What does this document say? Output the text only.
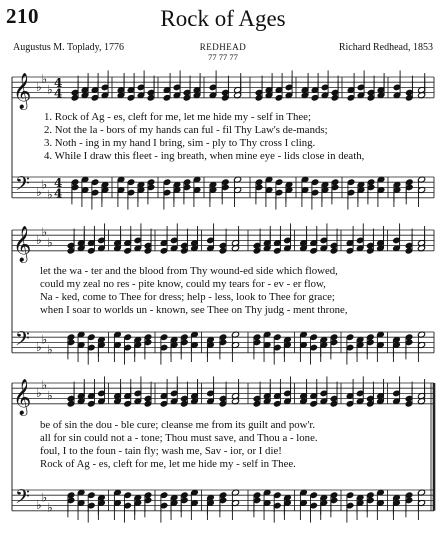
210	Rock of Ages
Augustus M. Toplady, 1776	REDHEAD
77 77 77
Richard Redhead, 1853
𝄞
𝄢
♭
♭
♭
♭
♭
♭
4
4
4
4
𝄞
𝄢
♭
♭
♭
♭
♭
♭
𝄞
𝄢
♭
♭
♭
♭
♭
♭
1. Rock of Ag - es, cleft for me, let me hide my - self in Thee;
2. Not the la - bors of my hands can ful - fil Thy Law's de-mands;
3. Noth - ing in my hand I bring, sim - ply to Thy cross I cling.
4. While I draw this fleet - ing breath, when mine eye - lids close in death,
let the wa - ter and the blood from Thy wound-ed side which flowed,
could my zeal no res - pite know, could my tears for - ev - er flow,
Na - ked, come to Thee for dress; help - less, look to Thee for grace;
when I soar to worlds un - known, see Thee on Thy judg - ment throne,
be of sin the dou - ble cure; cleanse me from its guilt and pow'r.
all for sin could not a - tone; Thou must save, and Thou a - lone.
foul, I to the foun - tain fly; wash me, Sav - ior, or I die!
Rock of Ag - es, cleft for me, let me hide my - self in Thee.
